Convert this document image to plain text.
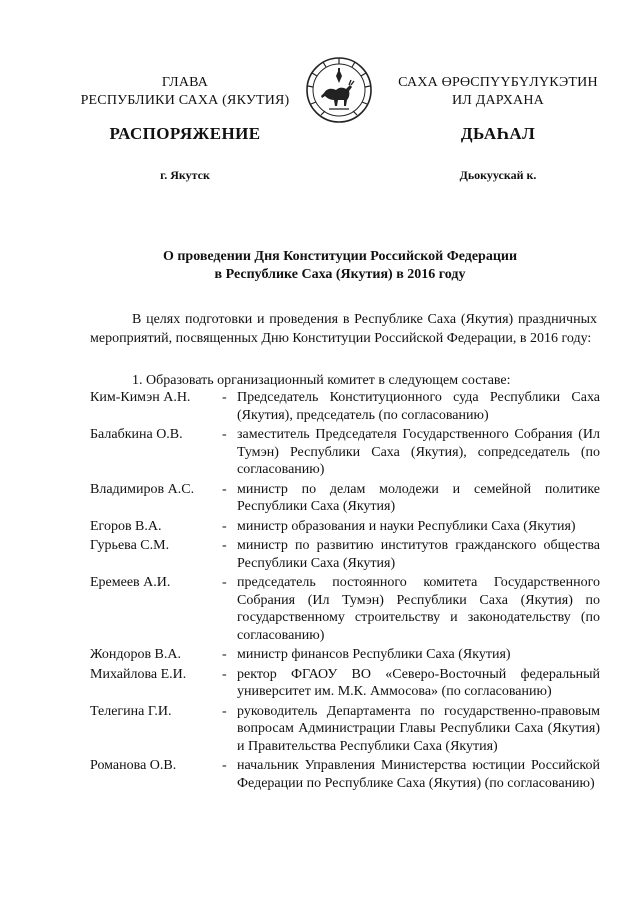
ГЛАВА
РЕСПУБЛИКИ САХА (ЯКУТИЯ)
САХА ӨРӨСПҮҮБҮЛҮКЭТИН
ИЛ ДАРХАНА
РАСПОРЯЖЕНИЕ	ДЬАҺАЛ
г. Якутск	Дьокуускай к.
О проведении Дня Конституции Российской Федерации
в Республике Саха (Якутия) в 2016 году
В целях подготовки и проведения в Республике Саха (Якутия) праздничных мероприятий, посвященных Дню Конституции Российской Федерации, в 2016 году:
1. Образовать организационный комитет в следующем составе:
Ким-Кимэн А.Н.	- Председатель Конституционного суда Республики Саха (Якутия), председатель (по согласованию)
Балабкина О.В.	- заместитель Председателя Государственного Собрания (Ил Тумэн) Республики Саха (Якутия), сопредседатель (по согласованию)
Владимиров А.С.	- министр по делам молодежи и семейной политике Республики Саха (Якутия)
Егоров В.А.	- министр образования и науки Республики Саха (Якутия)
Гурьева С.М.	- министр по развитию институтов гражданского общества Республики Саха (Якутия)
Еремеев А.И.	- председатель постоянного комитета Государственного Собрания (Ил Тумэн) Республики Саха (Якутия) по государственному строительству и законодательству (по согласованию)
Жондоров В.А.	- министр финансов Республики Саха (Якутия)
Михайлова Е.И.	- ректор ФГАОУ ВО «Северо-Восточный федеральный университет им. М.К. Аммосова» (по согласованию)
Телегина Г.И.	- руководитель Департамента по государственно-правовым вопросам Администрации Главы Республики Саха (Якутия) и Правительства Республики Саха (Якутия)
Романова О.В.	- начальник Управления Министерства юстиции Российской Федерации по Республике Саха (Якутия) (по согласованию)
